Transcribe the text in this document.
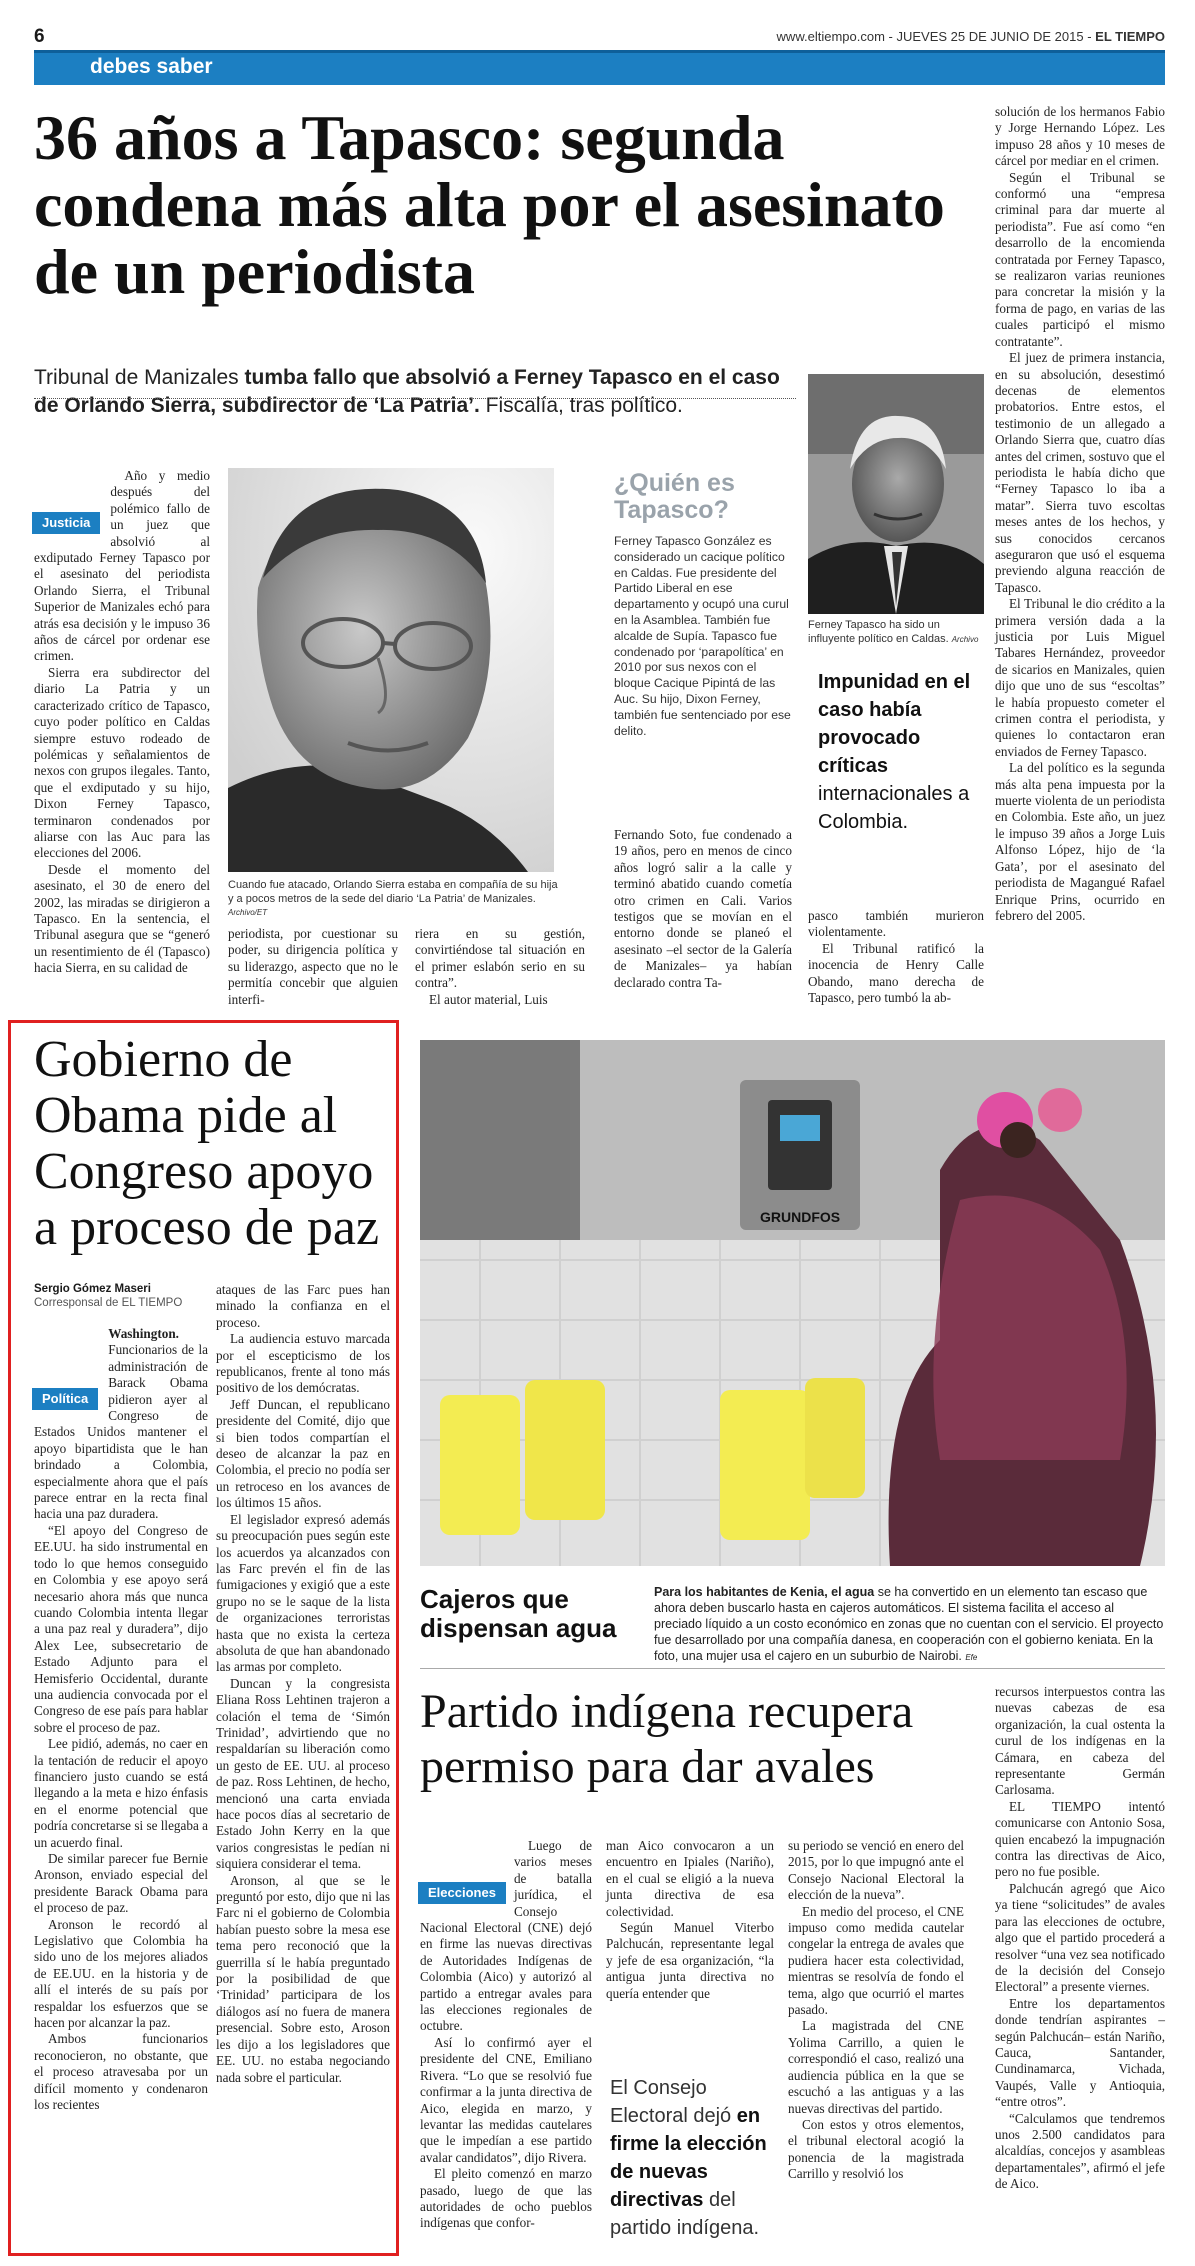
6	www.eltiempo.com - JUEVES 25 DE JUNIO DE 2015 - EL TIEMPO
debes saber
36 años a Tapasco: segunda condena más alta por el asesinato de un periodista
Tribunal de Manizales tumba fallo que absolvió a Ferney Tapasco en el caso de Orlando Sierra, subdirector de ‘La Patria’. Fiscalía, tras político.
Justicia

Año y medio después del polémico fallo de un juez que absolvió al exdiputado Ferney Tapasco por el asesinato del periodista Orlando Sierra, el Tribunal Superior de Manizales echó para atrás esa decisión y le impuso 36 años de cárcel por ordenar ese crimen.

Sierra era subdirector del diario La Patria y un caracterizado crítico de Tapasco, cuyo poder político en Caldas siempre estuvo rodeado de polémicas y señalamientos de nexos con grupos ilegales. Tanto, que el exdiputado y su hijo, Dixon Ferney Tapasco, terminaron condenados por aliarse con las Auc para las elecciones del 2006.

Desde el momento del asesinato, el 30 de enero del 2002, las miradas se dirigieron a Tapasco. En la sentencia, el Tribunal asegura que se “generó un resentimiento de él (Tapasco) hacia Sierra, en su calidad de

Cuando fue atacado, Orlando Sierra estaba en compañía de su hija y a pocos metros de la sede del diario ‘La Patria’ de Manizales. Archivo/ET
¿Quién es Tapasco?
Ferney Tapasco González es considerado un cacique político en Caldas. Fue presidente del Partido Liberal en ese departamento y ocupó una curul en la Asamblea. También fue alcalde de Supía. Tapasco fue condenado por ‘parapolítica’ en 2010 por sus nexos con el bloque Cacique Pipintá de las Auc. Su hijo, Dixon Ferney, también fue sentenciado por ese delito.

periodista, por cuestionar su poder, su dirigencia política y su liderazgo, aspecto que no le permitía concebir que alguien interfi-

riera en su gestión, convirtiéndose tal situación en el primer eslabón serio en su contra”.

El autor material, Luis

Fernando Soto, fue condenado a 19 años, pero en menos de cinco años logró salir a la calle y terminó abatido cuando cometía otro crimen en Cali. Varios testigos que se movían en el entorno donde se planeó el asesinato –el sector de la Galería de Manizales– ya habían declarado contra Ta-

Ferney Tapasco ha sido un influyente político en Caldas. Archivo
Impunidad en el caso había provocado críticas internacionales a Colombia.

pasco también murieron violentamente.

El Tribunal ratificó la inocencia de Henry Calle Obando, mano derecha de Tapasco, pero tumbó la ab-

solución de los hermanos Fabio y Jorge Hernando López. Les impuso 28 años y 10 meses de cárcel por mediar en el crimen.

Según el Tribunal se conformó una “empresa criminal para dar muerte al periodista”. Fue así como “en desarrollo de la encomienda contratada por Ferney Tapasco, se realizaron varias reuniones para concretar la misión y la forma de pago, en varias de las cuales participó el mismo contratante”.

El juez de primera instancia, en su absolución, desestimó decenas de elementos probatorios. Entre estos, el testimonio de un allegado a Orlando Sierra que, cuatro días antes del crimen, sostuvo que el periodista le había dicho que “Ferney Tapasco lo iba a matar”. Sierra tuvo escoltas meses antes de los hechos, y sus conocidos cercanos aseguraron que usó el esquema previendo alguna reacción de Tapasco.

El Tribunal le dio crédito a la primera versión dada a la justicia por Luis Miguel Tabares Hernández, proveedor de sicarios en Manizales, quien dijo que uno de sus “escoltas” le había propuesto cometer el crimen contra el periodista, y quienes lo contactaron eran enviados de Ferney Tapasco.

La del político es la segunda más alta pena impuesta por la muerte violenta de un periodista en Colombia. Este año, un juez le impuso 39 años a Jorge Luis Alfonso López, hijo de ‘la Gata’, por el asesinato del periodista de Magangué Rafael Enrique Prins, ocurrido en febrero del 2005.

Gobierno de Obama pide al Congreso apoyo a proceso de paz
Sergio Gómez Maseri
Corresponsal de EL TIEMPO
Política

Washington. Funcionarios de la administración de Barack Obama pidieron ayer al Congreso de Estados Unidos mantener el apoyo bipartidista que le han brindado a Colombia, especialmente ahora que el país parece entrar en la recta final hacia una paz duradera.

“El apoyo del Congreso de EE.UU. ha sido instrumental en todo lo que hemos conseguido en Colombia y ese apoyo será necesario ahora más que nunca cuando Colombia intenta llegar a una paz real y duradera”, dijo Alex Lee, subsecretario de Estado Adjunto para el Hemisferio Occidental, durante una audiencia convocada por el Congreso de ese país para hablar sobre el proceso de paz.

Lee pidió, además, no caer en la tentación de reducir el apoyo financiero justo cuando se está llegando a la meta e hizo énfasis en el enorme potencial que podría concretarse si se llegaba a un acuerdo final.

De similar parecer fue Bernie Aronson, enviado especial del presidente Barack Obama para el proceso de paz.

Aronson le recordó al Legislativo que Colombia ha sido uno de los mejores aliados de EE.UU. en la historia y de allí el interés de su país por respaldar los esfuerzos que se hacen por alcanzar la paz.

Ambos funcionarios reconocieron, no obstante, que el proceso atravesaba por un difícil momento y condenaron los recientes

ataques de las Farc pues han minado la confianza en el proceso.

La audiencia estuvo marcada por el escepticismo de los republicanos, frente al tono más positivo de los demócratas.

Jeff Duncan, el republicano presidente del Comité, dijo que si bien todos compartían el deseo de alcanzar la paz en Colombia, el precio no podía ser un retroceso en los avances de los últimos 15 años.

El legislador expresó además su preocupación pues según este los acuerdos ya alcanzados con las Farc prevén el fin de las fumigaciones y exigió que a este grupo no se le saque de la lista de organizaciones terroristas hasta que no exista la certeza absoluta de que han abandonado las armas por completo.

Duncan y la congresista Eliana Ross Lehtinen trajeron a colación el tema de ‘Simón Trinidad’, advirtiendo que no respaldarían su liberación como un gesto de EE. UU. al proceso de paz. Ross Lehtinen, de hecho, mencionó una carta enviada hace pocos días al secretario de Estado John Kerry en la que varios congresistas le pedían ni siquiera considerar el tema.

Aronson, al que se le preguntó por esto, dijo que ni las Farc ni el gobierno de Colombia habían puesto sobre la mesa ese tema pero reconoció que la guerrilla sí le había preguntado por la posibilidad de que ‘Trinidad’ participara de los diálogos así no fuera de manera presencial. Sobre esto, Aroson les dijo a los legisladores que EE. UU. no estaba negociando nada sobre el particular.

GRUNDFOS
Cajeros que dispensan agua
Para los habitantes de Kenia, el agua se ha convertido en un elemento tan escaso que ahora deben buscarlo hasta en cajeros automáticos. El sistema facilita el acceso al preciado líquido a un costo económico en zonas que no cuentan con el servicio. El proyecto fue desarrollado por una compañía danesa, en cooperación con el gobierno keniata. En la foto, una mujer usa el cajero en un suburbio de Nairobi. Efe
Partido indígena recupera permiso para dar avales
Elecciones

Luego de varios meses de batalla jurídica, el Consejo Nacional Electoral (CNE) dejó en firme las nuevas directivas de Autoridades Indígenas de Colombia (Aico) y autorizó al partido a entregar avales para las elecciones regionales de octubre.

Así lo confirmó ayer el presidente del CNE, Emiliano Rivera. “Lo que se resolvió fue confirmar a la junta directiva de Aico, elegida en marzo, y levantar las medidas cautelares que le impedían a ese partido avalar candidatos”, dijo Rivera.

El pleito comenzó en marzo pasado, luego de que las autoridades de ocho pueblos indígenas que confor-

man Aico convocaron a un encuentro en Ipiales (Nariño), en el cual se eligió a la nueva junta directiva de esa colectividad.

Según Manuel Viterbo Palchucán, representante legal y jefe de esa organización, “la antigua junta directiva no quería entender que

El Consejo Electoral dejó en firme la elección de nuevas directivas del partido indígena.

su periodo se venció en enero del 2015, por lo que impugnó ante el Consejo Nacional Electoral la elección de la nueva”.

En medio del proceso, el CNE impuso como medida cautelar congelar la entrega de avales que pudiera hacer esta colectividad, mientras se resolvía de fondo el tema, algo que ocurrió el martes pasado.

La magistrada del CNE Yolima Carrillo, a quien le correspondió el caso, realizó una audiencia pública en la que se escuchó a las antiguas y a las nuevas directivas del partido.

Con estos y otros elementos, el tribunal electoral acogió la ponencia de la magistrada Carrillo y resolvió los

recursos interpuestos contra las nuevas cabezas de esa organización, la cual ostenta la curul de los indígenas en la Cámara, en cabeza del representante Germán Carlosama.

EL TIEMPO intentó comunicarse con Antonio Sosa, quien encabezó la impugnación contra las directivas de Aico, pero no fue posible.

Palchucán agregó que Aico ya tiene “solicitudes” de avales para las elecciones de octubre, algo que el partido procederá a resolver “una vez sea notificado de la decisión del Consejo Electoral” a presente viernes.

Entre los departamentos donde tendrían aspirantes –según Palchucán– están Nariño, Cauca, Santander, Cundinamarca, Vichada, Vaupés, Valle y Antioquia, “entre otros”.

“Calculamos que tendremos unos 2.500 candidatos para alcaldías, concejos y asambleas departamentales”, afirmó el jefe de Aico.
